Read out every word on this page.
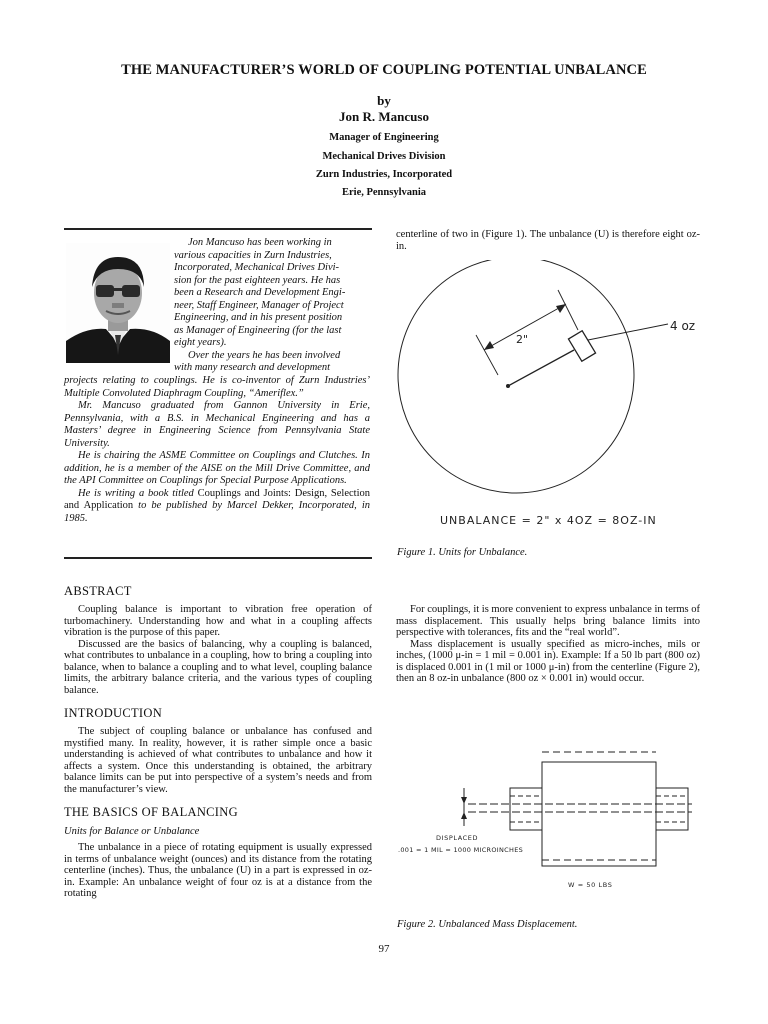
THE MANUFACTURER’S WORLD OF COUPLING POTENTIAL UNBALANCE
by
Jon R. Mancuso
Manager of Engineering
Mechanical Drives Division
Zurn Industries, Incorporated
Erie, Pennsylvania
Jon Mancuso has been working in
various capacities in Zurn Industries,
Incorporated, Mechanical Drives Divi-
sion for the past eighteen years. He has
been a Research and Development Engi-
neer, Staff Engineer, Manager of Project
Engineering, and in his present position
as Manager of Engineering (for the last
eight years).
Over the years he has been involved
with many research and development

projects relating to couplings. He is co-inventor of Zurn Industries’ Multiple Convoluted Diaphragm Coupling, “Ameriflex.”

Mr. Mancuso graduated from Gannon University in Erie, Pennsylvania, with a B.S. in Mechanical Engineering and has a Masters’ degree in Engineering Science from Pennsylvania State University.

He is chairing the ASME Committee on Couplings and Clutches. In addition, he is a member of the AISE on the Mill Drive Committee, and the API Committee on Couplings for Special Purpose Applications.

He is writing a book titled Couplings and Joints: Design, Selection and Application to be published by Marcel Dekker, Incorporated, in 1985.

ABSTRACT

Coupling balance is important to vibration free operation of turbomachinery. Understanding how and what in a coupling affects vibration is the purpose of this paper.

Discussed are the basics of balancing, why a coupling is balanced, what contributes to unbalance in a coupling, how to bring a coupling into balance, when to balance a coupling and to what level, coupling balance limits, the arbitrary balance criteria, and the various types of coupling balance.

INTRODUCTION

The subject of coupling balance or unbalance has confused and mystified many. In reality, however, it is rather simple once a basic understanding is achieved of what contributes to unbalance and how it affects a system. Once this understanding is obtained, the arbitrary balance limits can be put into perspective of a system’s needs and from the manufacturer’s view.

THE BASICS OF BALANCING
Units for Balance or Unbalance

The unbalance in a piece of rotating equipment is usually expressed in terms of unbalance weight (ounces) and its distance from the rotating centerline (inches). Thus, the unbalance (U) in a part is expressed in oz-in. Example: An unbalance weight of four oz is at a distance from the rotating

centerline of two in (Figure 1). The unbalance (U) is therefore eight oz-in.
2"
4 oz
UNBALANCE = 2" x 4OZ = 8OZ-IN
Figure 1. Units for Unbalance.

For couplings, it is more convenient to express unbalance in terms of mass displacement. This usually helps bring balance limits into perspective with tolerances, fits and the “real world”.

Mass displacement is usually specified as micro-inches, mils or inches, (1000 μ-in = 1 mil = 0.001 in). Example: If a 50 lb part (800 oz) is displaced 0.001 in (1 mil or 1000 μ-in) from the centerline (Figure 2), then an 8 oz-in unbalance (800 oz × 0.001 in) would occur.

DISPLACED
.001 = 1 MIL = 1000 MICROINCHES
W = 50 LBS
Figure 2. Unbalanced Mass Displacement.
97
